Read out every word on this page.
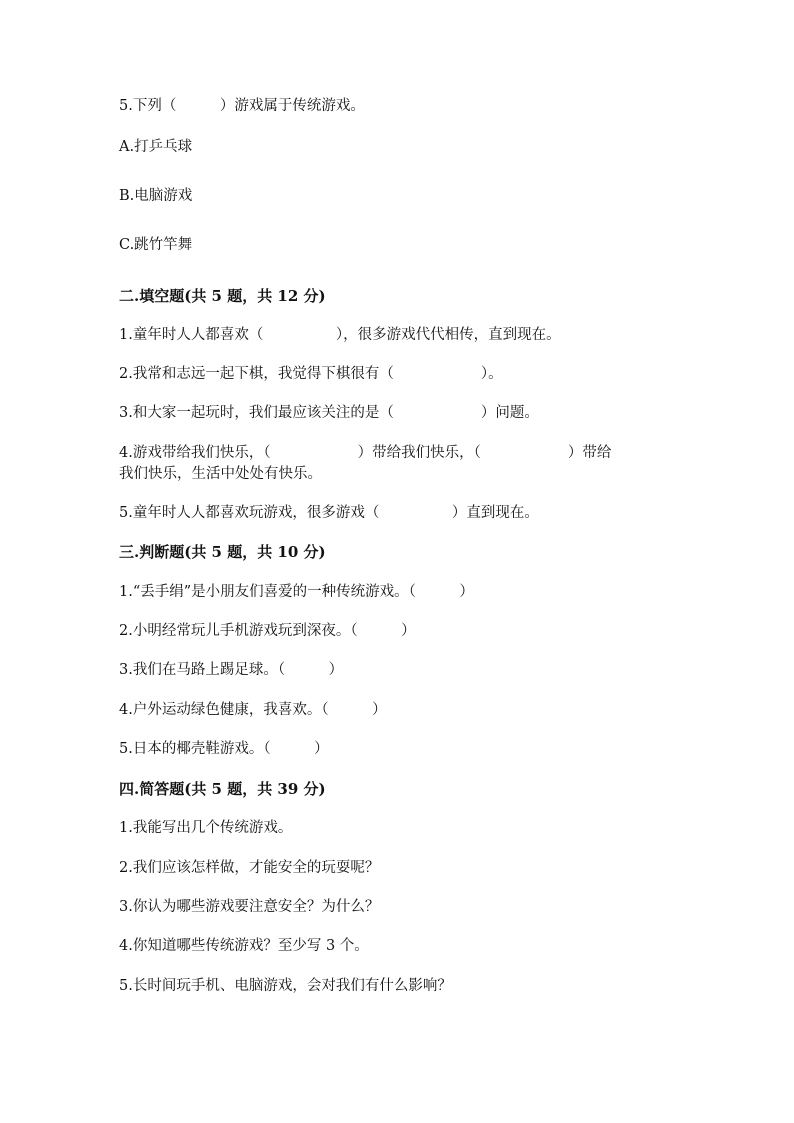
5.下列（　　　）游戏属于传统游戏。
A.打乒乓球
B.电脑游戏
C.跳竹竿舞
二.填空题(共 5 题，共 12 分)
1.童年时人人都喜欢（　　　　　），很多游戏代代相传，直到现在。
2.我常和志远一起下棋，我觉得下棋很有（　　　　　　）。
3.和大家一起玩时，我们最应该关注的是（　　　　　　）问题。
4.游戏带给我们快乐，（　　　　　　）带给我们快乐，（　　　　　　）带给
我们快乐，生活中处处有快乐。
5.童年时人人都喜欢玩游戏，很多游戏（　　　　　）直到现在。
三.判断题(共 5 题，共 10 分)
1.“丢手绢”是小朋友们喜爱的一种传统游戏。（　　　）
2.小明经常玩儿手机游戏玩到深夜。（　　　）
3.我们在马路上踢足球。（　　　）
4.户外运动绿色健康，我喜欢。（　　　）
5.日本的椰壳鞋游戏。（　　　）
四.简答题(共 5 题，共 39 分)
1.我能写出几个传统游戏。
2.我们应该怎样做，才能安全的玩耍呢？
3.你认为哪些游戏要注意安全？为什么？
4.你知道哪些传统游戏？至少写 3 个。
5.长时间玩手机、电脑游戏，会对我们有什么影响？
